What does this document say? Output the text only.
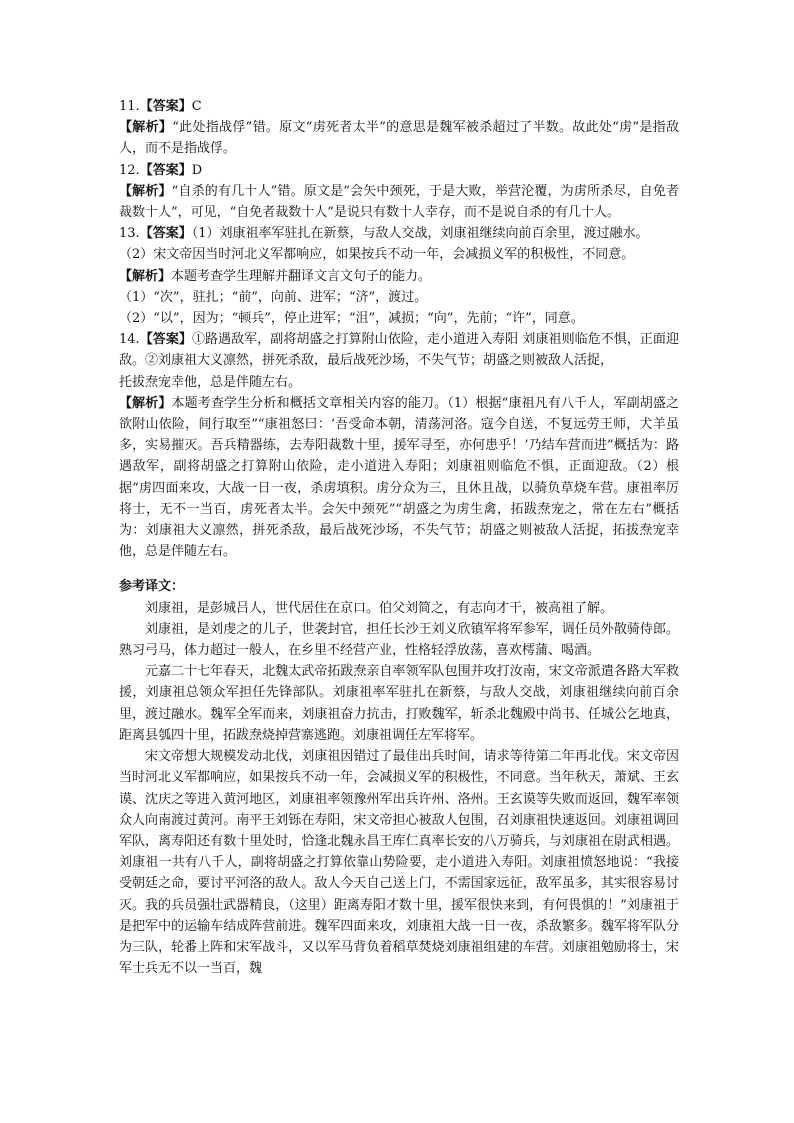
11.【答案】C

【解析】“此处指战俘”错。原文“虏死者太半”的意思是魏军被杀超过了半数。故此处“虏”是指敌人，而不是指战俘。

12.【答案】D

【解析】“自杀的有几十人”错。原文是“会矢中颈死，于是大败，举营沦覆，为虏所杀尽，自免者裁数十人”，可见，“自免者裁数十人”是说只有数十人幸存，而不是说自杀的有几十人。

13.【答案】（1）刘康祖率军驻扎在新蔡，与敌人交战，刘康祖继续向前百余里，渡过融水。

（2）宋文帝因当时河北义军都响应，如果按兵不动一年，会减损义军的积极性，不同意。

【解析】本题考查学生理解并翻译文言文句子的能力。

（1）“次”，驻扎；“前”，向前、进军；“济”，渡过。

（2）“以”，因为；“顿兵”，停止进军；“沮”，减损；“向”，先前；“许”，同意。

14.【答案】①路遇敌军，副将胡盛之打算附山依险，走小道进入寿阳 刘康祖则临危不惧，正面迎敌。②刘康祖大义凛然，拼死杀敌，最后战死沙场，不失气节；胡盛之则被敌人活捉，

托拔焘宠幸他，总是伴随左右。

【解析】本题考查学生分析和概括文章相关内容的能刀。（1）根据“康祖凡有八千人，军副胡盛之欲附山依险，间行取至”“康祖怒曰：‘吾受命本朝，清荡河洛。寇今自送，不复远劳王师，犬羊虽多，实易摧灭。吾兵精器练，去寿阳裁数十里，援军寻至，亦何患乎！’乃结车营而进”概括为：路遇敌军，副将胡盛之打算附山依险，走小道进入寿阳；刘康祖则临危不惧，正面迎敌。（2）根据“虏四面来攻，大战一日一夜，杀虏填积。虏分众为三，且休且战，以骑负草烧车营。康祖率厉将士，无不一当百，虏死者太半。会矢中颈死”“胡盛之为虏生禽，拓跋焘宠之，常在左右”概括为：刘康祖大义凛然，拼死杀敌，最后战死沙场，不失气节；胡盛之则被敌人活捉，拓拔焘宠幸他，总是伴随左右。

参考译文：

刘康祖，是彭城吕人，世代居住在京口。伯父刘简之，有志向才干，被高祖了解。

刘康祖，是刘虔之的儿子，世袭封官，担任长沙王刘义欣镇军将军参军，调任员外散骑侍郎。熟习弓马，体力超过一般人，在乡里不经营产业，性格轻浮放荡，喜欢樗蒲、喝酒。

元嘉二十七年春天，北魏太武帝拓跋焘亲自率领军队包围并攻打汝南，宋文帝派遣各路大军救援，刘康祖总领众军担任先锋部队。刘康祖率军驻扎在新蔡，与敌人交战，刘康祖继续向前百余里，渡过融水。魏军全军而来，刘康祖奋力抗击，打败魏军，斩杀北魏殿中尚书、任城公乞地真，距离县瓠四十里，拓跋焘烧掉营寨逃跑。刘康祖调任左军将军。

宋文帝想大规模发动北伐，刘康祖因错过了最佳出兵时间，请求等待第二年再北伐。宋文帝因当时河北义军都响应，如果按兵不动一年，会减损义军的积极性，不同意。当年秋天，萧斌、王玄谟、沈庆之等进入黄河地区，刘康祖率领豫州军出兵许州、洛州。王玄谟等失败而返回，魏军率领众人向南渡过黄河。南平王刘铄在寿阳，宋文帝担心被敌人包围，召刘康祖快速返回。刘康祖调回军队，离寿阳还有数十里处时，恰逢北魏永昌王库仁真率长安的八万骑兵，与刘康祖在尉武相遇。刘康祖一共有八千人，副将胡盛之打算依靠山势险要，走小道进入寿阳。刘康祖愤怒地说：“我接受朝廷之命，要讨平河洛的敌人。敌人今天自己送上门，不需国家远征，敌军虽多，其实很容易讨灭。我的兵员强壮武器精良，（这里）距离寿阳才数十里，援军很快来到，有何畏惧的！”刘康祖于是把军中的运输车结成阵营前进。魏军四面来攻，刘康祖大战一日一夜，杀敌繁多。魏军将军队分为三队，轮番上阵和宋军战斗，又以军马背负着稻草焚烧刘康祖组建的车营。刘康祖勉励将士，宋军士兵无不以一当百，魏
